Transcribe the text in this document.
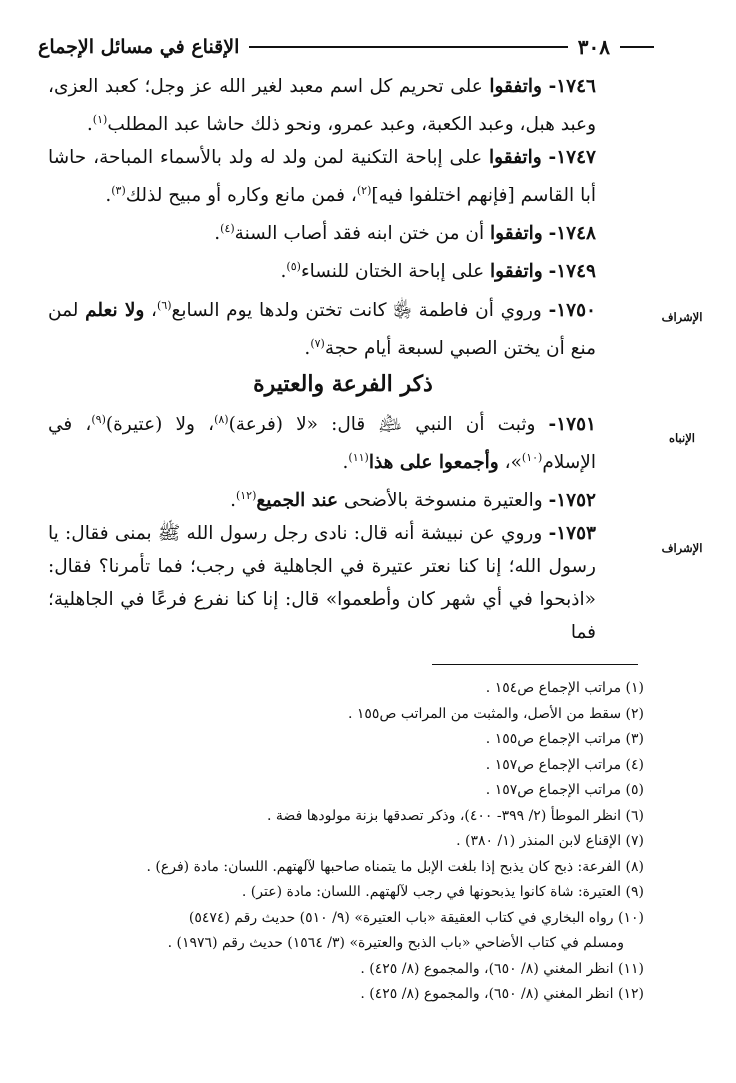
٣٠٨
الإقناع في مسائل الإجماع
الإشراف
الإنباه
الإشراف

١٧٤٦- واتفقوا على تحريم كل اسم معبد لغير الله عز وجل؛ كعبد العزى، وعبد هبل، وعبد الكعبة، وعبد عمرو، ونحو ذلك حاشا عبد المطلب$^{(١)}$.

١٧٤٧- واتفقوا على إباحة التكنية لمن ولد له ولد بالأسماء المباحة، حاشا أبا القاسم [فإنهم اختلفوا فيه]$^{(٢)}$، فمن مانع وكاره أو مبيح لذلك$^{(٣)}$.

١٧٤٨- واتفقوا أن من ختن ابنه فقد أصاب السنة$^{(٤)}$.

١٧٤٩- واتفقوا على إباحة الختان للنساء$^{(٥)}$.

١٧٥٠- وروي أن فاطمة ﵂ كانت تختن ولدها يوم السابع$^{(٦)}$، ولا نعلم لمن منع أن يختن الصبي لسبعة أيام حجة$^{(٧)}$.

ذكر الفرعة والعتيرة

١٧٥١- وثبت أن النبي ﵇ قال: «لا (فرعة)$^{(٨)}$، ولا (عتيرة)$^{(٩)}$، في الإسلام$^{(١٠)}$»، وأجمعوا على هذا$^{(١١)}$.

١٧٥٢- والعتيرة منسوخة بالأضحى عند الجميع$^{(١٢)}$.

١٧٥٣- وروي عن نبيشة أنه قال: نادى رجل رسول الله ﷺ بمنى فقال: يا رسول الله؛ إنا كنا نعتر عتيرة في الجاهلية في رجب؛ فما تأمرنا؟ فقال: «اذبحوا في أي شهر كان وأطعموا» قال: إنا كنا نفرع فرعًا في الجاهلية؛ فما

(١) مراتب الإجماع ص١٥٤ .
(٢) سقط من الأصل، والمثبت من المراتب ص١٥٥ .
(٣) مراتب الإجماع ص١٥٥ .
(٤) مراتب الإجماع ص١٥٧ .
(٥) مراتب الإجماع ص١٥٧ .
(٦) انظر الموطأ (٢/ ٣٩٩- ٤٠٠)، وذكر تصدقها بزنة مولودها فضة .
(٧) الإقناع لابن المنذر (١/ ٣٨٠) .
(٨) الفرعة: ذبح كان يذبح إذا بلغت الإبل ما يتمناه صاحبها لآلهتهم. اللسان: مادة (فرع) .
(٩) العتيرة: شاة كانوا يذبحونها في رجب لآلهتهم. اللسان: مادة (عتر) .
(١٠) رواه البخاري في كتاب العقيقة «باب العتيرة» (٩/ ٥١٠) حديث رقم (٥٤٧٤)
ومسلم في كتاب الأضاحي «باب الذبح والعتيرة» (٣/ ١٥٦٤) حديث رقم (١٩٧٦) .
(١١) انظر المغني (٨/ ٦٥٠)، والمجموع (٨/ ٤٢٥) .
(١٢) انظر المغني (٨/ ٦٥٠)، والمجموع (٨/ ٤٢٥) .
